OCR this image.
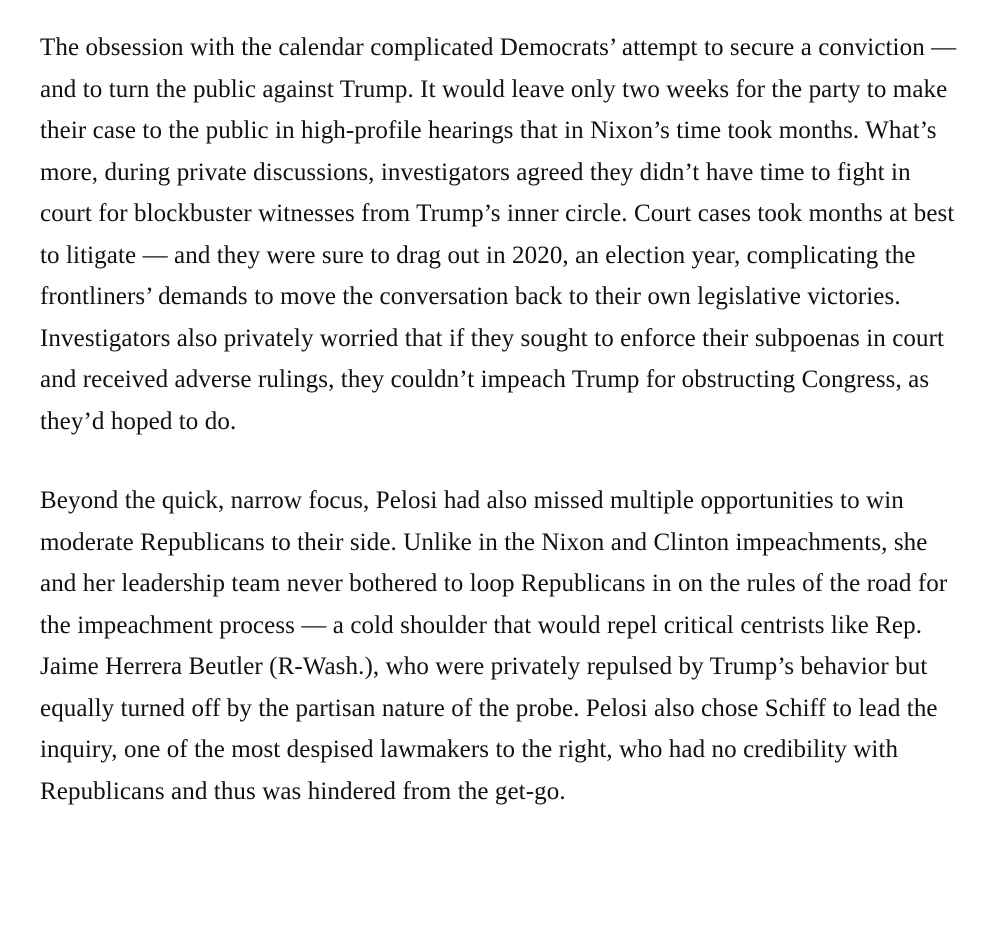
The obsession with the calendar complicated Democrats’ attempt to secure a conviction — and to turn the public against Trump. It would leave only two weeks for the party to make their case to the public in high-profile hearings that in Nixon’s time took months. What’s more, during private discussions, investigators agreed they didn’t have time to fight in court for blockbuster witnesses from Trump’s inner circle. Court cases took months at best to litigate — and they were sure to drag out in 2020, an election year, complicating the frontliners’ demands to move the conversation back to their own legislative victories. Investigators also privately worried that if they sought to enforce their subpoenas in court and received adverse rulings, they couldn’t impeach Trump for obstructing Congress, as they’d hoped to do.

Beyond the quick, narrow focus, Pelosi had also missed multiple opportunities to win moderate Republicans to their side. Unlike in the Nixon and Clinton impeachments, she and her leadership team never bothered to loop Republicans in on the rules of the road for the impeachment process — a cold shoulder that would repel critical centrists like Rep. Jaime Herrera Beutler (R-Wash.), who were privately repulsed by Trump’s behavior but equally turned off by the partisan nature of the probe. Pelosi also chose Schiff to lead the inquiry, one of the most despised lawmakers to the right, who had no credibility with Republicans and thus was hindered from the get-go.
